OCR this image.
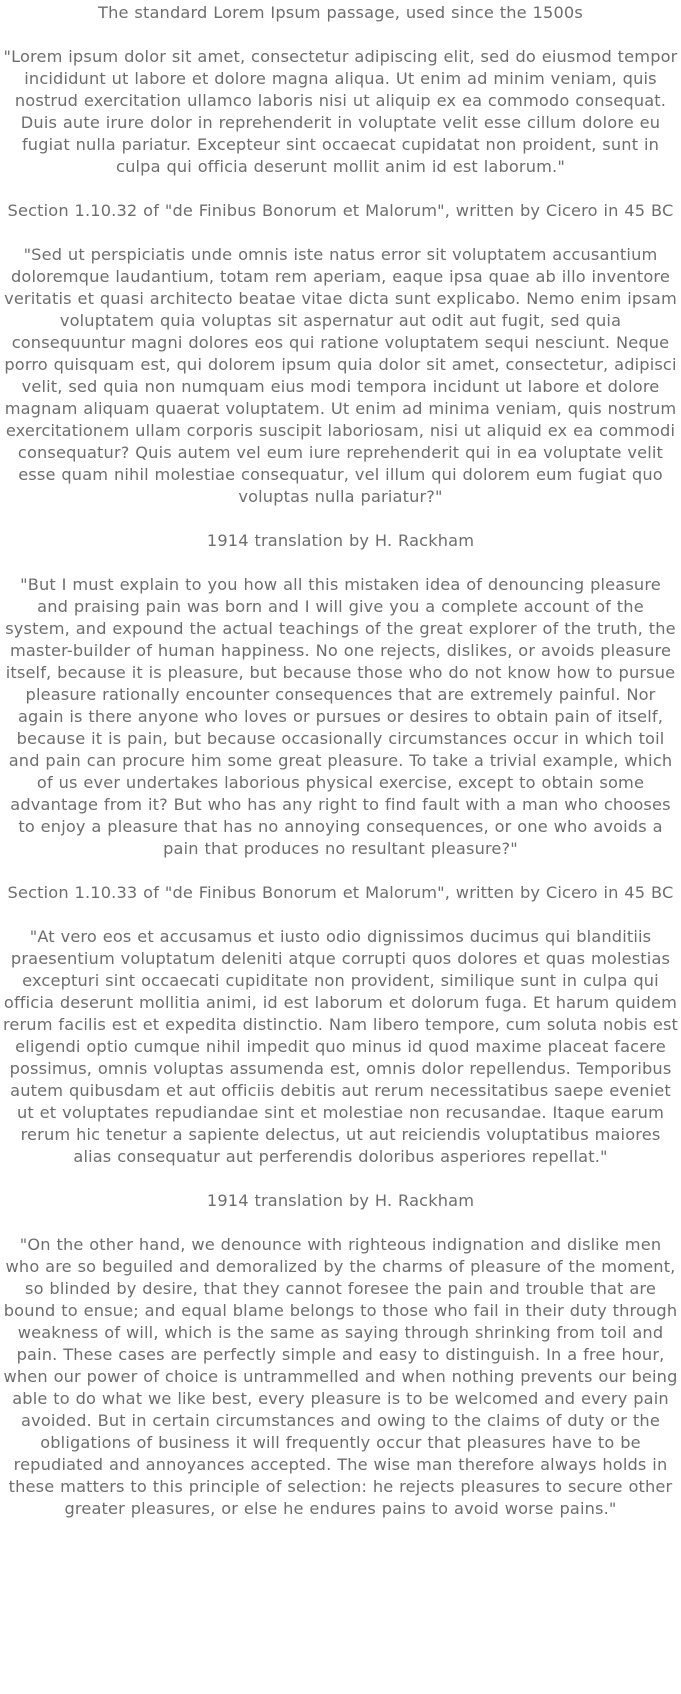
The standard Lorem Ipsum passage, used since the 1500s

"Lorem ipsum dolor sit amet, consectetur adipiscing elit, sed do eiusmod tempor incididunt ut labore et dolore magna aliqua. Ut enim ad minim veniam, quis nostrud exercitation ullamco laboris nisi ut aliquip ex ea commodo consequat. Duis aute irure dolor in reprehenderit in voluptate velit esse cillum dolore eu fugiat nulla pariatur. Excepteur sint occaecat cupidatat non proident, sunt in culpa qui officia deserunt mollit anim id est laborum."

Section 1.10.32 of "de Finibus Bonorum et Malorum", written by Cicero in 45 BC

"Sed ut perspiciatis unde omnis iste natus error sit voluptatem accusantium doloremque laudantium, totam rem aperiam, eaque ipsa quae ab illo inventore veritatis et quasi architecto beatae vitae dicta sunt explicabo. Nemo enim ipsam voluptatem quia voluptas sit aspernatur aut odit aut fugit, sed quia consequuntur magni dolores eos qui ratione voluptatem sequi nesciunt. Neque porro quisquam est, qui dolorem ipsum quia dolor sit amet, consectetur, adipisci velit, sed quia non numquam eius modi tempora incidunt ut labore et dolore magnam aliquam quaerat voluptatem. Ut enim ad minima veniam, quis nostrum exercitationem ullam corporis suscipit laboriosam, nisi ut aliquid ex ea commodi consequatur? Quis autem vel eum iure reprehenderit qui in ea voluptate velit esse quam nihil molestiae consequatur, vel illum qui dolorem eum fugiat quo voluptas nulla pariatur?"

1914 translation by H. Rackham

"But I must explain to you how all this mistaken idea of denouncing pleasure and praising pain was born and I will give you a complete account of the system, and expound the actual teachings of the great explorer of the truth, the master-builder of human happiness. No one rejects, dislikes, or avoids pleasure itself, because it is pleasure, but because those who do not know how to pursue pleasure rationally encounter consequences that are extremely painful. Nor again is there anyone who loves or pursues or desires to obtain pain of itself, because it is pain, but because occasionally circumstances occur in which toil and pain can procure him some great pleasure. To take a trivial example, which of us ever undertakes laborious physical exercise, except to obtain some advantage from it? But who has any right to find fault with a man who chooses to enjoy a pleasure that has no annoying consequences, or one who avoids a pain that produces no resultant pleasure?"

Section 1.10.33 of "de Finibus Bonorum et Malorum", written by Cicero in 45 BC

"At vero eos et accusamus et iusto odio dignissimos ducimus qui blanditiis praesentium voluptatum deleniti atque corrupti quos dolores et quas molestias excepturi sint occaecati cupiditate non provident, similique sunt in culpa qui officia deserunt mollitia animi, id est laborum et dolorum fuga. Et harum quidem rerum facilis est et expedita distinctio. Nam libero tempore, cum soluta nobis est eligendi optio cumque nihil impedit quo minus id quod maxime placeat facere possimus, omnis voluptas assumenda est, omnis dolor repellendus. Temporibus autem quibusdam et aut officiis debitis aut rerum necessitatibus saepe eveniet ut et voluptates repudiandae sint et molestiae non recusandae. Itaque earum rerum hic tenetur a sapiente delectus, ut aut reiciendis voluptatibus maiores alias consequatur aut perferendis doloribus asperiores repellat."

1914 translation by H. Rackham

"On the other hand, we denounce with righteous indignation and dislike men who are so beguiled and demoralized by the charms of pleasure of the moment, so blinded by desire, that they cannot foresee the pain and trouble that are bound to ensue; and equal blame belongs to those who fail in their duty through weakness of will, which is the same as saying through shrinking from toil and pain. These cases are perfectly simple and easy to distinguish. In a free hour, when our power of choice is untrammelled and when nothing prevents our being able to do what we like best, every pleasure is to be welcomed and every pain avoided. But in certain circumstances and owing to the claims of duty or the obligations of business it will frequently occur that pleasures have to be repudiated and annoyances accepted. The wise man therefore always holds in these matters to this principle of selection: he rejects pleasures to secure other greater pleasures, or else he endures pains to avoid worse pains."
